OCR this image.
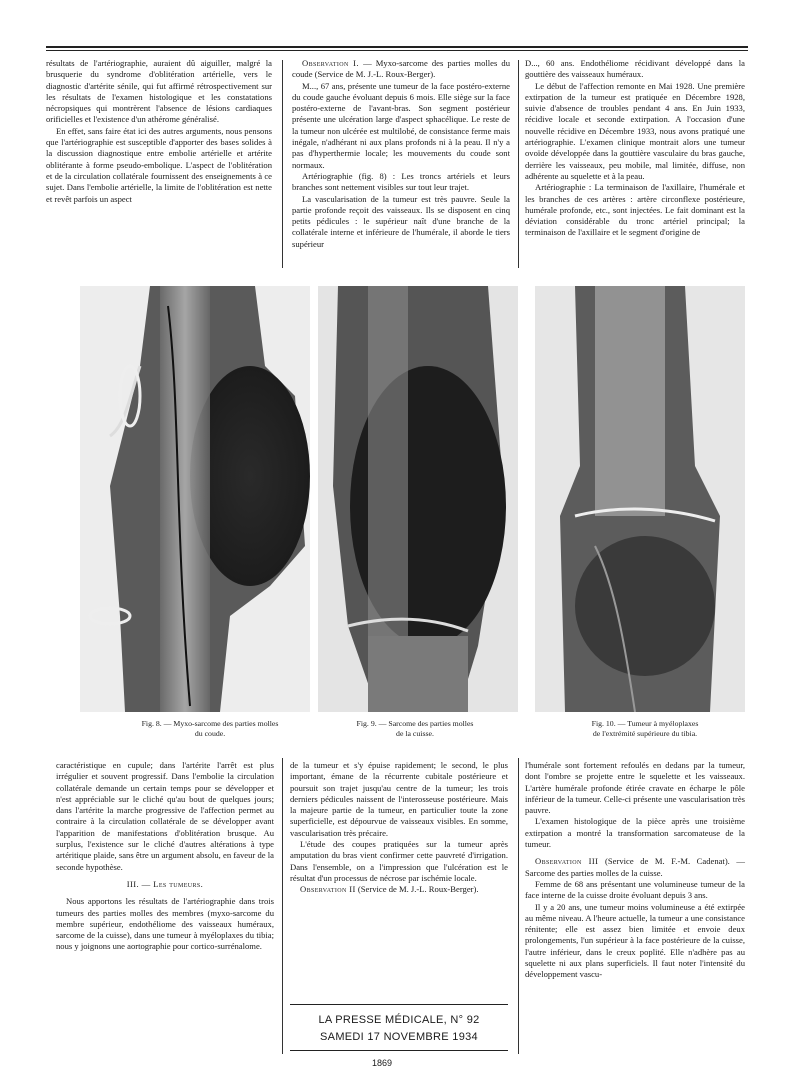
résultats de l'artériographie, auraient dû aiguiller, malgré la brusquerie du syndrome d'oblitération artérielle, vers le diagnostic d'artérite sénile, qui fut affirmé rétrospectivement sur les résultats de l'examen histologique et les constatations nécropsiques qui montrèrent l'absence de lésions cardiaques orificielles et l'existence d'un athérome généralisé.

En effet, sans faire état ici des autres arguments, nous pensons que l'artériographie est susceptible d'apporter des bases solides à la discussion diagnostique entre embolie artérielle et artérite oblitérante à forme pseudo-embolique. L'aspect de l'oblitération et de la circulation collatérale fournissent des enseignements à ce sujet. Dans l'embolie artérielle, la limite de l'oblitération est nette et revêt parfois un aspect

Observation I. — Myxo-sarcome des parties molles du coude (Service de M. J.-L. Roux-Berger).

M..., 67 ans, présente une tumeur de la face postéro-externe du coude gauche évoluant depuis 6 mois. Elle siège sur la face postéro-externe de l'avant-bras. Son segment postérieur présente une ulcération large d'aspect sphacélique. Le reste de la tumeur non ulcérée est multilobé, de consistance ferme mais inégale, n'adhérant ni aux plans profonds ni à la peau. Il n'y a pas d'hyperthermie locale; les mouvements du coude sont normaux.

Artériographie (fig. 8) : Les troncs artériels et leurs branches sont nettement visibles sur tout leur trajet.

La vascularisation de la tumeur est très pauvre. Seule la partie profonde reçoit des vaisseaux. Ils se disposent en cinq petits pédicules : le supérieur naît d'une branche de la collatérale interne et inférieure de l'humérale, il aborde le tiers supérieur

D..., 60 ans. Endothéliome récidivant développé dans la gouttière des vaisseaux huméraux.

Le début de l'affection remonte en Mai 1928. Une première extirpation de la tumeur est pratiquée en Décembre 1928, suivie d'absence de troubles pendant 4 ans. En Juin 1933, récidive locale et seconde extirpation. A l'occasion d'une nouvelle récidive en Décembre 1933, nous avons pratiqué une artériographie. L'examen clinique montrait alors une tumeur ovoïde développée dans la gouttière vasculaire du bras gauche, derrière les vaisseaux, peu mobile, mal limitée, diffuse, non adhérente au squelette et à la peau.

Artériographie : La terminaison de l'axillaire, l'humérale et les branches de ces artères : artère circonflexe postérieure, humérale profonde, etc., sont injectées. Le fait dominant est la déviation considérable du tronc artériel principal; la terminaison de l'axillaire et le segment d'origine de

Fig. 8. — Myxo-sarcome des parties molles
du coude.
Fig. 9. — Sarcome des parties molles
de la cuisse.
Fig. 10. — Tumeur à myéloplaxes
de l'extrémité supérieure du tibia.

caractéristique en cupule; dans l'artérite l'arrêt est plus irrégulier et souvent progressif. Dans l'embolie la circulation collatérale demande un certain temps pour se développer et n'est appréciable sur le cliché qu'au bout de quelques jours; dans l'artérite la marche progressive de l'affection permet au contraire à la circulation collatérale de se développer avant l'apparition de manifestations d'oblitération brusque. Au surplus, l'existence sur le cliché d'autres altérations à type artéritique plaide, sans être un argument absolu, en faveur de la seconde hypothèse.

III. — Les tumeurs.

Nous apportons les résultats de l'artériographie dans trois tumeurs des parties molles des membres (myxo-sarcome du membre supérieur, endothéliome des vaisseaux huméraux, sarcome de la cuisse), dans une tumeur à myéloplaxes du tibia; nous y joignons une aortographie pour cortico-surrénalome.

de la tumeur et s'y épuise rapidement; le second, le plus important, émane de la récurrente cubitale postérieure et poursuit son trajet jusqu'au centre de la tumeur; les trois derniers pédicules naissent de l'interosseuse postérieure. Mais la majeure partie de la tumeur, en particulier toute la zone superficielle, est dépourvue de vaisseaux visibles. En somme, vascularisation très précaire.

L'étude des coupes pratiquées sur la tumeur après amputation du bras vient confirmer cette pauvreté d'irrigation. Dans l'ensemble, on a l'impression que l'ulcération est le résultat d'un processus de nécrose par ischémie locale.

Observation II (Service de M. J.-L. Roux-Berger).

l'humérale sont fortement refoulés en dedans par la tumeur, dont l'ombre se projette entre le squelette et les vaisseaux. L'artère humérale profonde étirée cravate en écharpe le pôle inférieur de la tumeur. Celle-ci présente une vascularisation très pauvre.

L'examen histologique de la pièce après une troisième extirpation a montré la transformation sarcomateuse de la tumeur.

Observation III (Service de M. F.-M. Cadenat). — Sarcome des parties molles de la cuisse.

Femme de 68 ans présentant une volumineuse tumeur de la face interne de la cuisse droite évoluant depuis 3 ans.

Il y a 20 ans, une tumeur moins volumineuse a été extirpée au même niveau. A l'heure actuelle, la tumeur a une consistance rénitente; elle est assez bien limitée et envoie deux prolongements, l'un supérieur à la face postérieure de la cuisse, l'autre inférieur, dans le creux poplité. Elle n'adhère pas au squelette ni aux plans superficiels. Il faut noter l'intensité du développement vascu-

LA PRESSE MÉDICALE, N° 92
SAMEDI 17 NOVEMBRE 1934
1869
